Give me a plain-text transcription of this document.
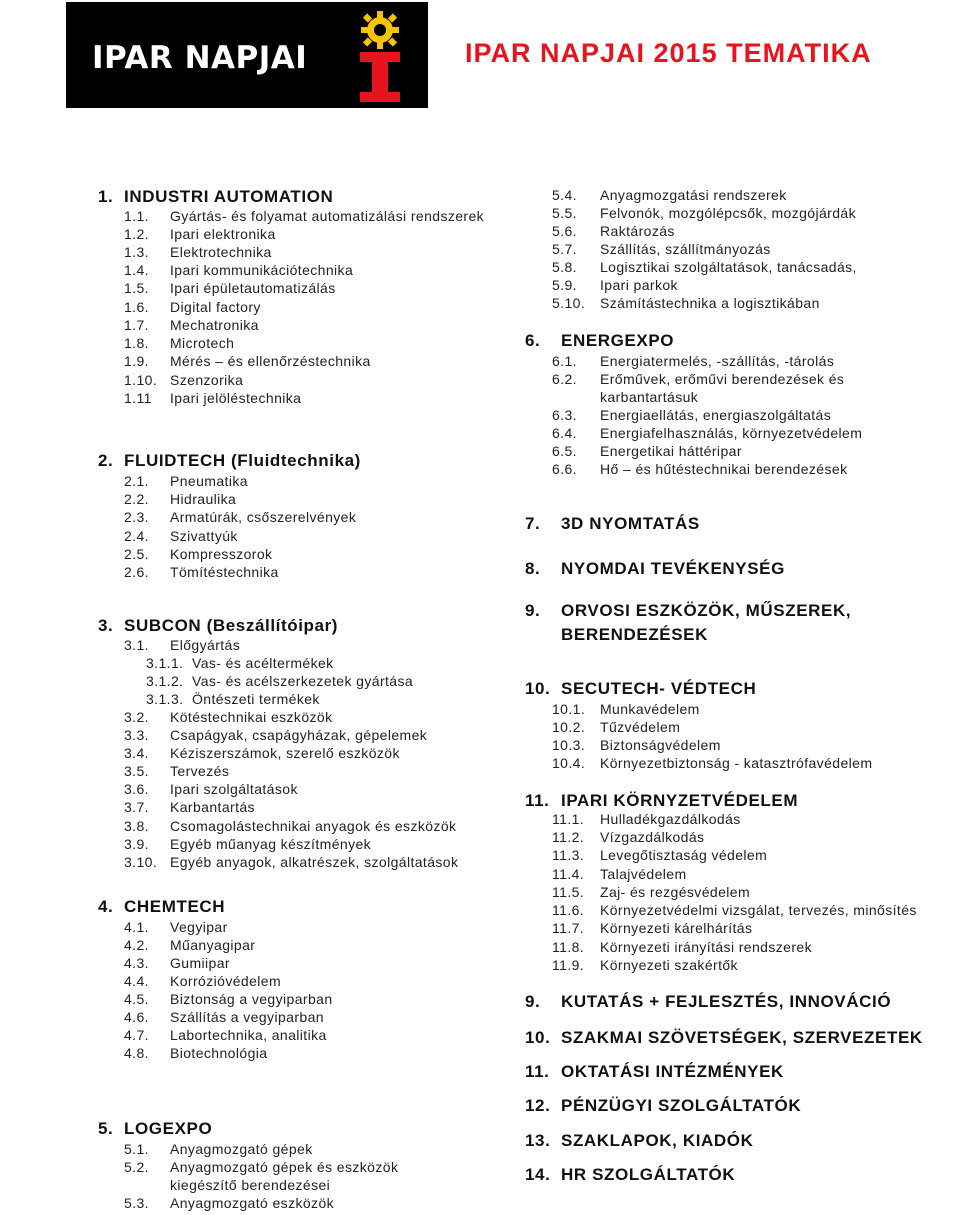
IPAR NAPJAI	IPAR NAPJAI 2015 TEMATIKA
1. INDUSTRI AUTOMATION
1.1. Gyártás- és folyamat automatizálási rendszerek
1.2. Ipari elektronika
1.3. Elektrotechnika
1.4. Ipari kommunikációtechnika
1.5. Ipari épületautomatizálás
1.6. Digital factory
1.7. Mechatronika
1.8. Microtech
1.9. Mérés – és ellenőrzéstechnika
1.10. Szenzorika
1.11 Ipari jelöléstechnika
2. FLUIDTECH (Fluidtechnika)
2.1. Pneumatika
2.2. Hidraulika
2.3. Armatúrák, csőszerelvények
2.4. Szivattyúk
2.5. Kompresszorok
2.6. Tömítéstechnika
3. SUBCON (Beszállítóipar)
3.1. Előgyártás
3.1.1. Vas- és acéltermékek
3.1.2. Vas- és acélszerkezetek gyártása
3.1.3. Öntészeti termékek
3.2. Kötéstechnikai eszközök
3.3. Csapágyak, csapágyházak, gépelemek
3.4. Kéziszerszámok, szerelő eszközök
3.5. Tervezés
3.6. Ipari szolgáltatások
3.7. Karbantartás
3.8. Csomagolástechnikai anyagok és eszközök
3.9. Egyéb műanyag készítmények
3.10. Egyéb anyagok, alkatrészek, szolgáltatások
4. CHEMTECH
4.1. Vegyipar
4.2. Műanyagipar
4.3. Gumiipar
4.4. Korrózióvédelem
4.5. Biztonság a vegyiparban
4.6. Szállítás a vegyiparban
4.7. Labortechnika, analitika
4.8. Biotechnológia
5. LOGEXPO
5.1. Anyagmozgató gépek
5.2. Anyagmozgató gépek és eszközök
kiegészítő berendezései
5.3. Anyagmozgató eszközök
5.4. Anyagmozgatási rendszerek
5.5. Felvonók, mozgólépcsők, mozgójárdák
5.6. Raktározás
5.7. Szállítás, szállítmányozás
5.8. Logisztikai szolgáltatások, tanácsadás,
5.9. Ipari parkok
5.10. Számítástechnika a logisztikában
6. ENERGEXPO
6.1. Energiatermelés, -szállítás, -tárolás
6.2. Erőművek, erőművi berendezések és
karbantartásuk
6.3. Energiaellátás, energiaszolgáltatás
6.4. Energiafelhasználás, környezetvédelem
6.5. Energetikai háttéripar
6.6. Hő – és hűtéstechnikai berendezések
7. 3D NYOMTATÁS
8. NYOMDAI TEVÉKENYSÉG
9. ORVOSI ESZKÖZÖK, MŰSZEREK,
BERENDEZÉSEK
10. SECUTECH- VÉDTECH
10.1. Munkavédelem
10.2. Tűzvédelem
10.3. Biztonságvédelem
10.4. Környezetbiztonság - katasztrófavédelem
11. IPARI KÖRNYZETVÉDELEM
11.1. Hulladékgazdálkodás
11.2. Vízgazdálkodás
11.3. Levegőtisztaság védelem
11.4. Talajvédelem
11.5. Zaj- és rezgésvédelem
11.6. Környezetvédelmi vizsgálat, tervezés, minősítés
11.7. Környezeti kárelhárítás
11.8. Környezeti irányítási rendszerek
11.9. Környezeti szakértők
9. KUTATÁS + FEJLESZTÉS, INNOVÁCIÓ
10. SZAKMAI SZÖVETSÉGEK, SZERVEZETEK
11. OKTATÁSI INTÉZMÉNYEK
12. PÉNZÜGYI SZOLGÁLTATÓK
13. SZAKLAPOK, KIADÓK
14. HR SZOLGÁLTATÓK
